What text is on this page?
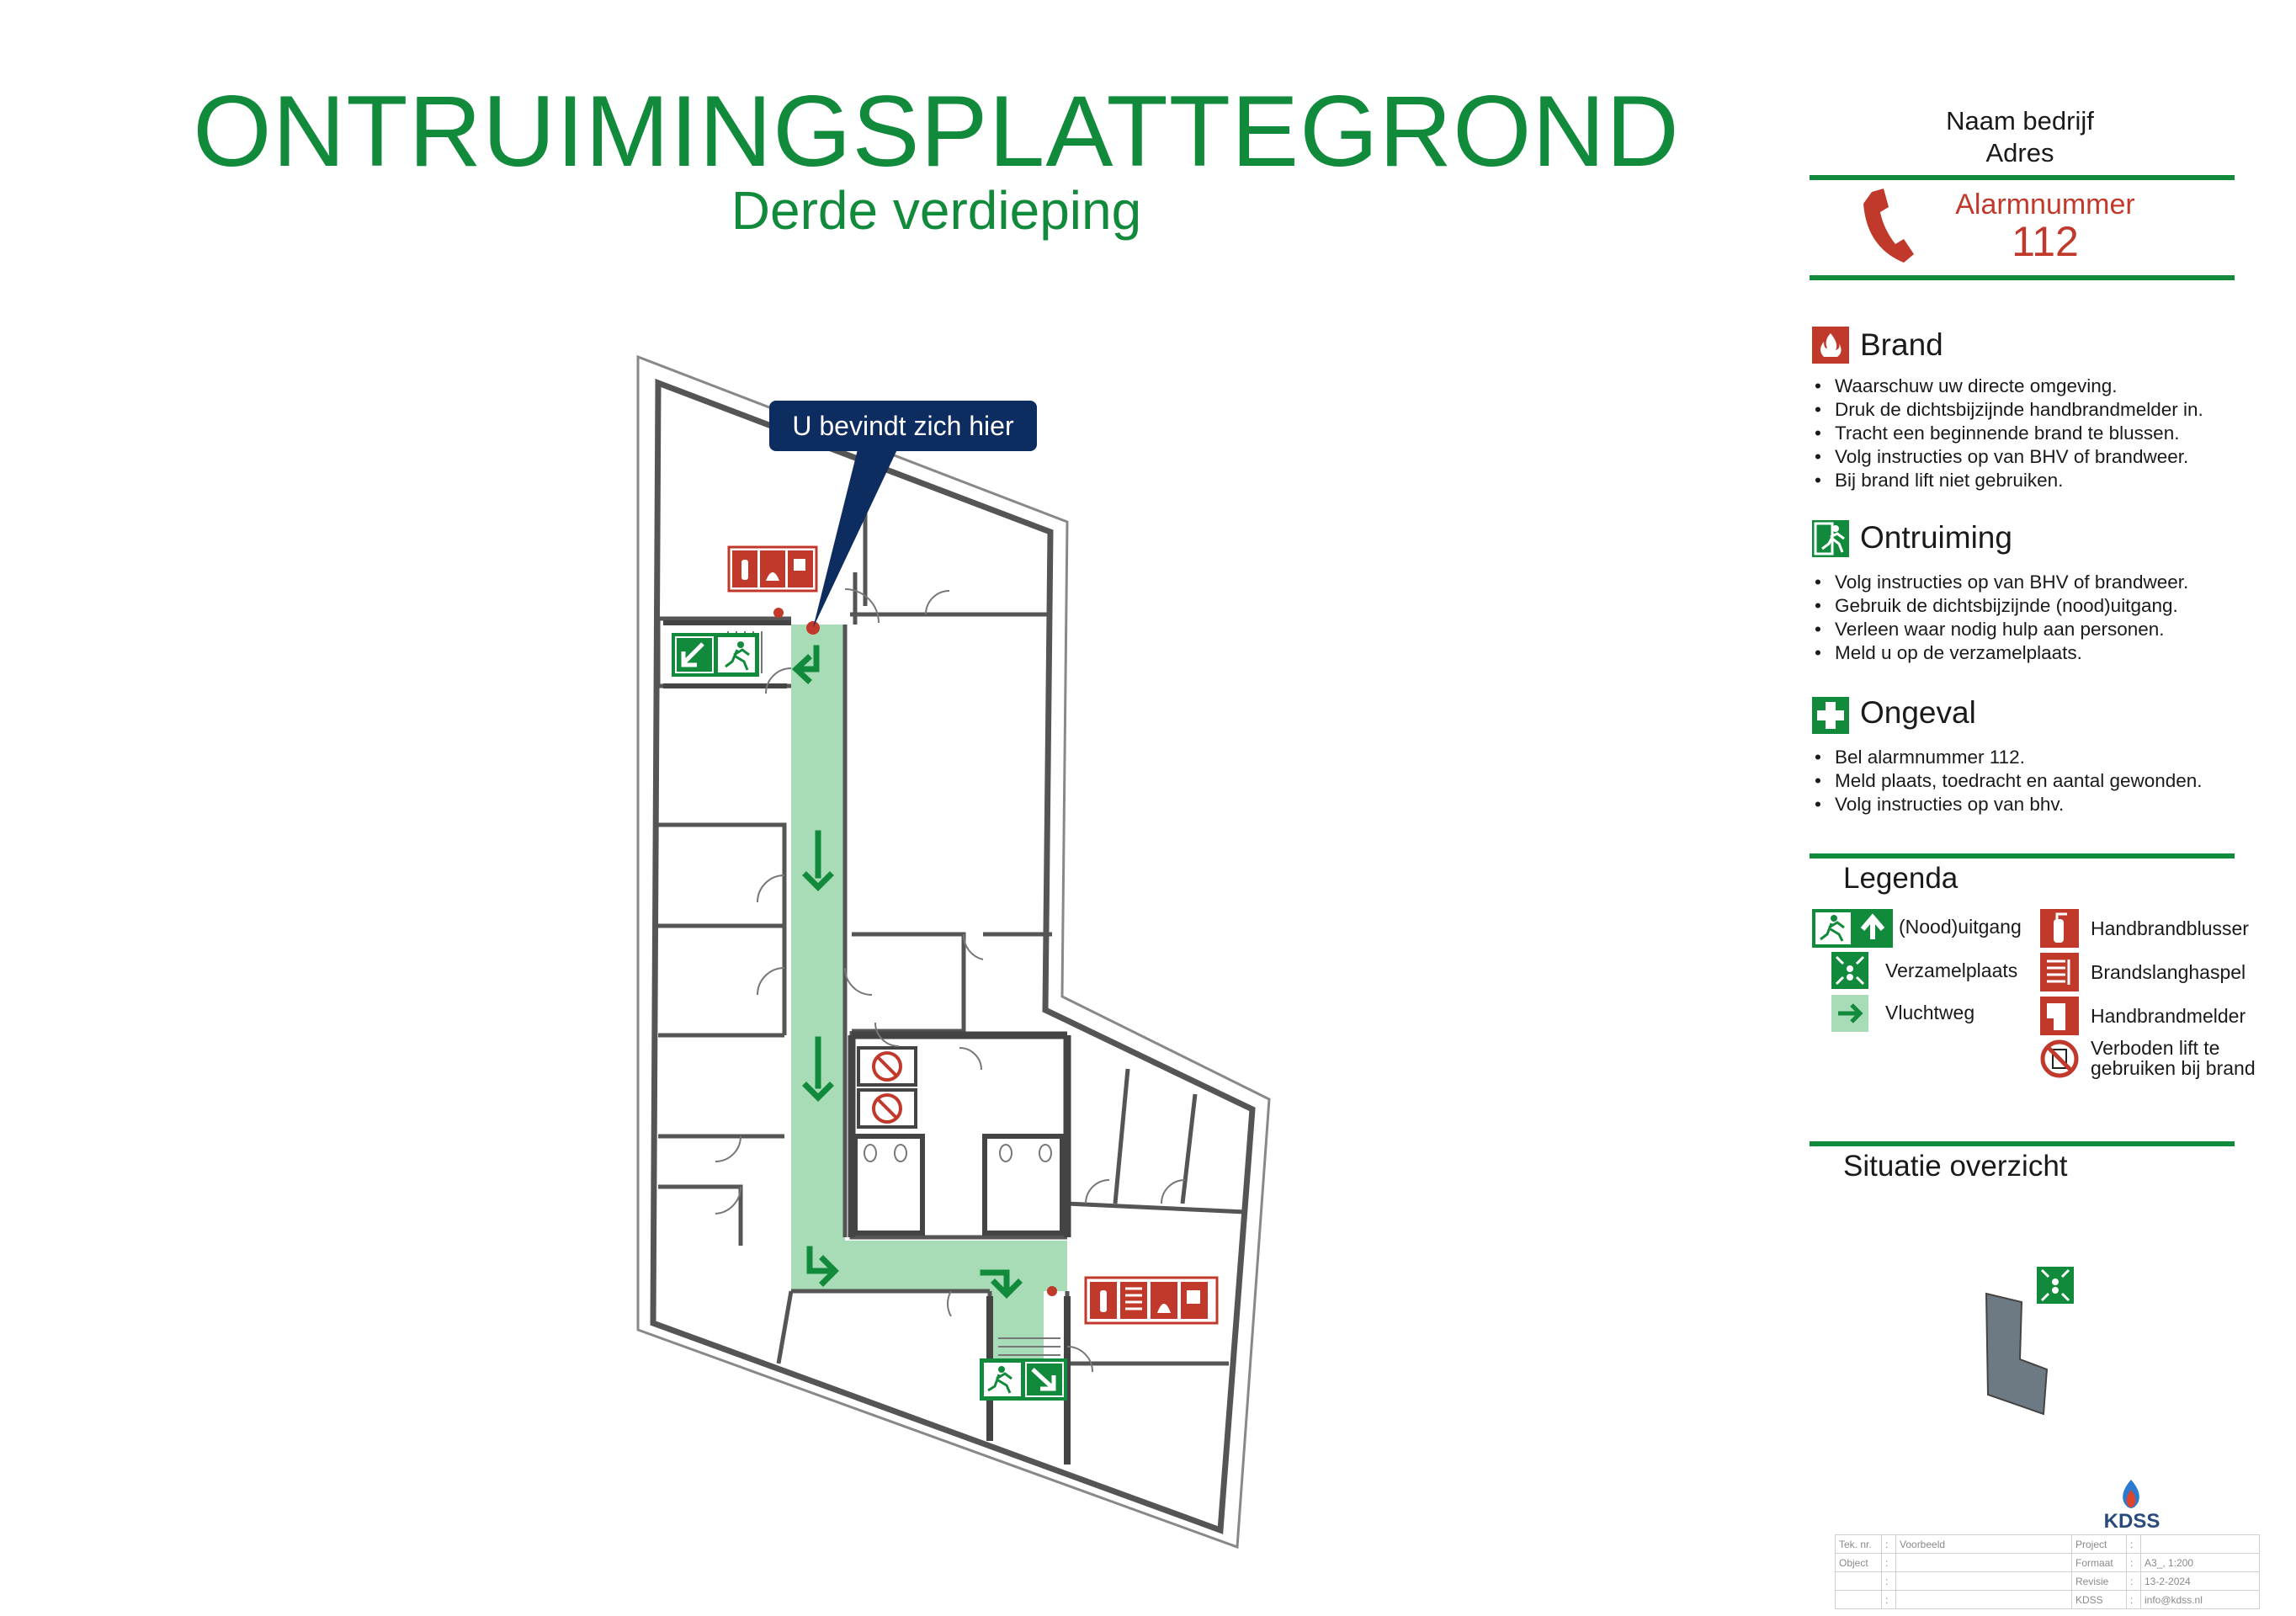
ONTRUIMINGSPLATTEGROND
Derde verdieping
U bevindt zich hier
Naam bedrijf
Adres
Alarmnummer
112
Brand
• Waarschuw uw directe omgeving.
• Druk de dichtsbijzijnde handbrandmelder in.
• Tracht een beginnende brand te blussen.
• Volg instructies op van BHV of brandweer.
• Bij brand lift niet gebruiken.
Ontruiming
• Volg instructies op van BHV of brandweer.
• Gebruik de dichtsbijzijnde (nood)uitgang.
• Verleen waar nodig hulp aan personen.
• Meld u op de verzamelplaats.
Ongeval
• Bel alarmnummer 112.
• Meld plaats, toedracht en aantal gewonden.
• Volg instructies op van bhv.
Legenda
(Nood)uitgang
Verzamelplaats
Vluchtweg
Handbrandblusser
Brandslanghaspel
Handbrandmelder
Verboden lift te
gebruiken bij brand
Situatie overzicht
KDSS
Tek. nr.	:	Voorbeeld	Project	:	
Object	:		Formaat	:	A3_, 1:200
	:		Revisie	:	13-2-2024
	:		KDSS	:	info@kdss.nl
